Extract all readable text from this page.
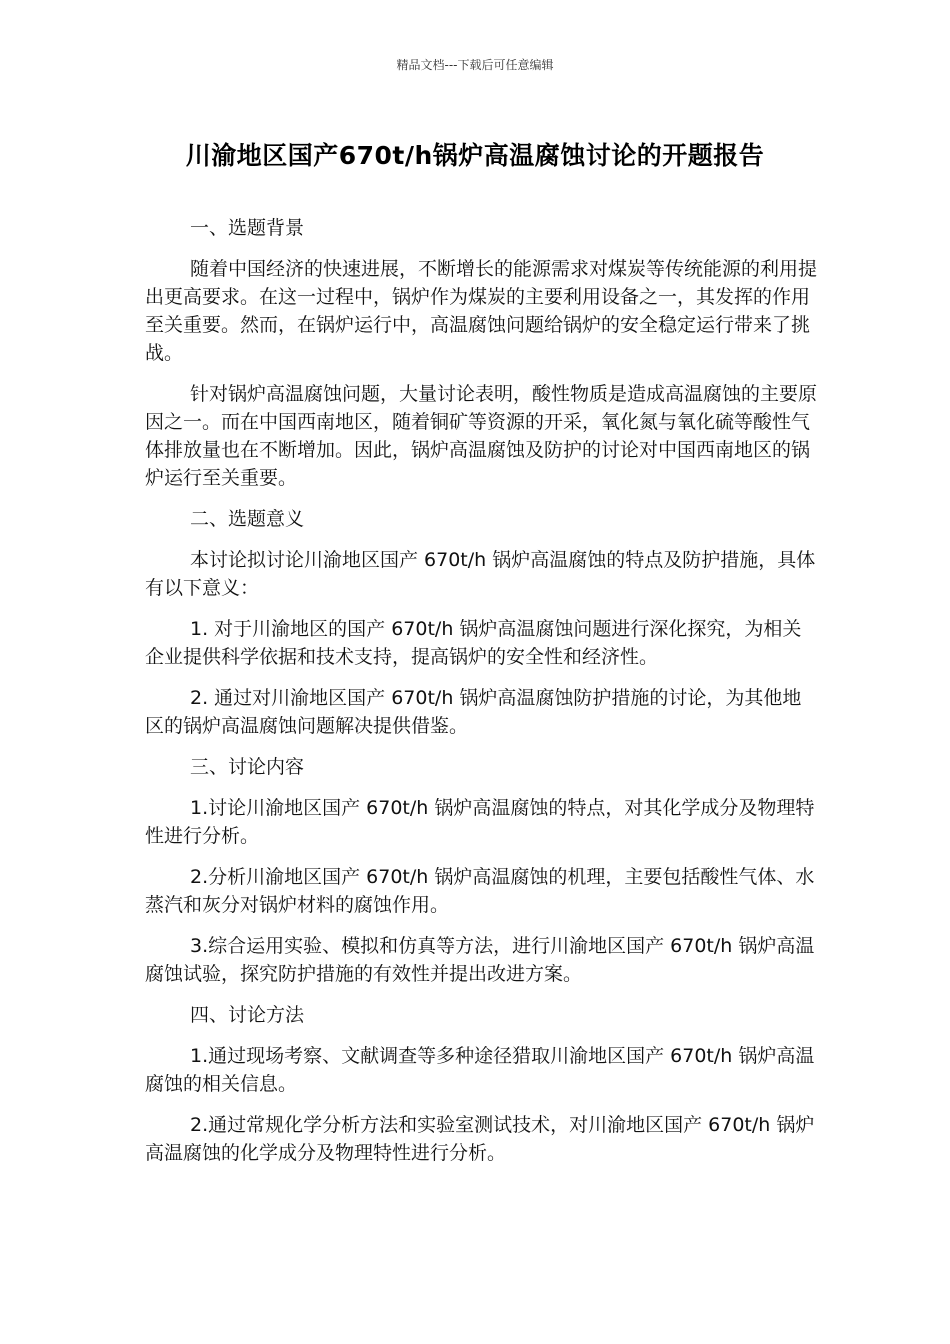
精品文档---下载后可任意编辑
川渝地区国产670t/h锅炉高温腐蚀讨论的开题报告

一、选题背景

随着中国经济的快速进展，不断增长的能源需求对煤炭等传统能源的利用提出更高要求。在这一过程中，锅炉作为煤炭的主要利用设备之一，其发挥的作用至关重要。然而，在锅炉运行中，高温腐蚀问题给锅炉的安全稳定运行带来了挑战。

针对锅炉高温腐蚀问题，大量讨论表明，酸性物质是造成高温腐蚀的主要原因之一。而在中国西南地区，随着铜矿等资源的开采，氧化氮与氧化硫等酸性气体排放量也在不断增加。因此，锅炉高温腐蚀及防护的讨论对中国西南地区的锅炉运行至关重要。

二、选题意义

本讨论拟讨论川渝地区国产 670t/h 锅炉高温腐蚀的特点及防护措施，具体有以下意义：

1. 对于川渝地区的国产 670t/h 锅炉高温腐蚀问题进行深化探究，为相关企业提供科学依据和技术支持，提高锅炉的安全性和经济性。

2. 通过对川渝地区国产 670t/h 锅炉高温腐蚀防护措施的讨论，为其他地区的锅炉高温腐蚀问题解决提供借鉴。

三、讨论内容

1.讨论川渝地区国产 670t/h 锅炉高温腐蚀的特点，对其化学成分及物理特性进行分析。

2.分析川渝地区国产 670t/h 锅炉高温腐蚀的机理，主要包括酸性气体、水蒸汽和灰分对锅炉材料的腐蚀作用。

3.综合运用实验、模拟和仿真等方法，进行川渝地区国产 670t/h 锅炉高温腐蚀试验，探究防护措施的有效性并提出改进方案。

四、讨论方法

1.通过现场考察、文献调查等多种途径猎取川渝地区国产 670t/h 锅炉高温腐蚀的相关信息。

2.通过常规化学分析方法和实验室测试技术，对川渝地区国产 670t/h 锅炉高温腐蚀的化学成分及物理特性进行分析。
